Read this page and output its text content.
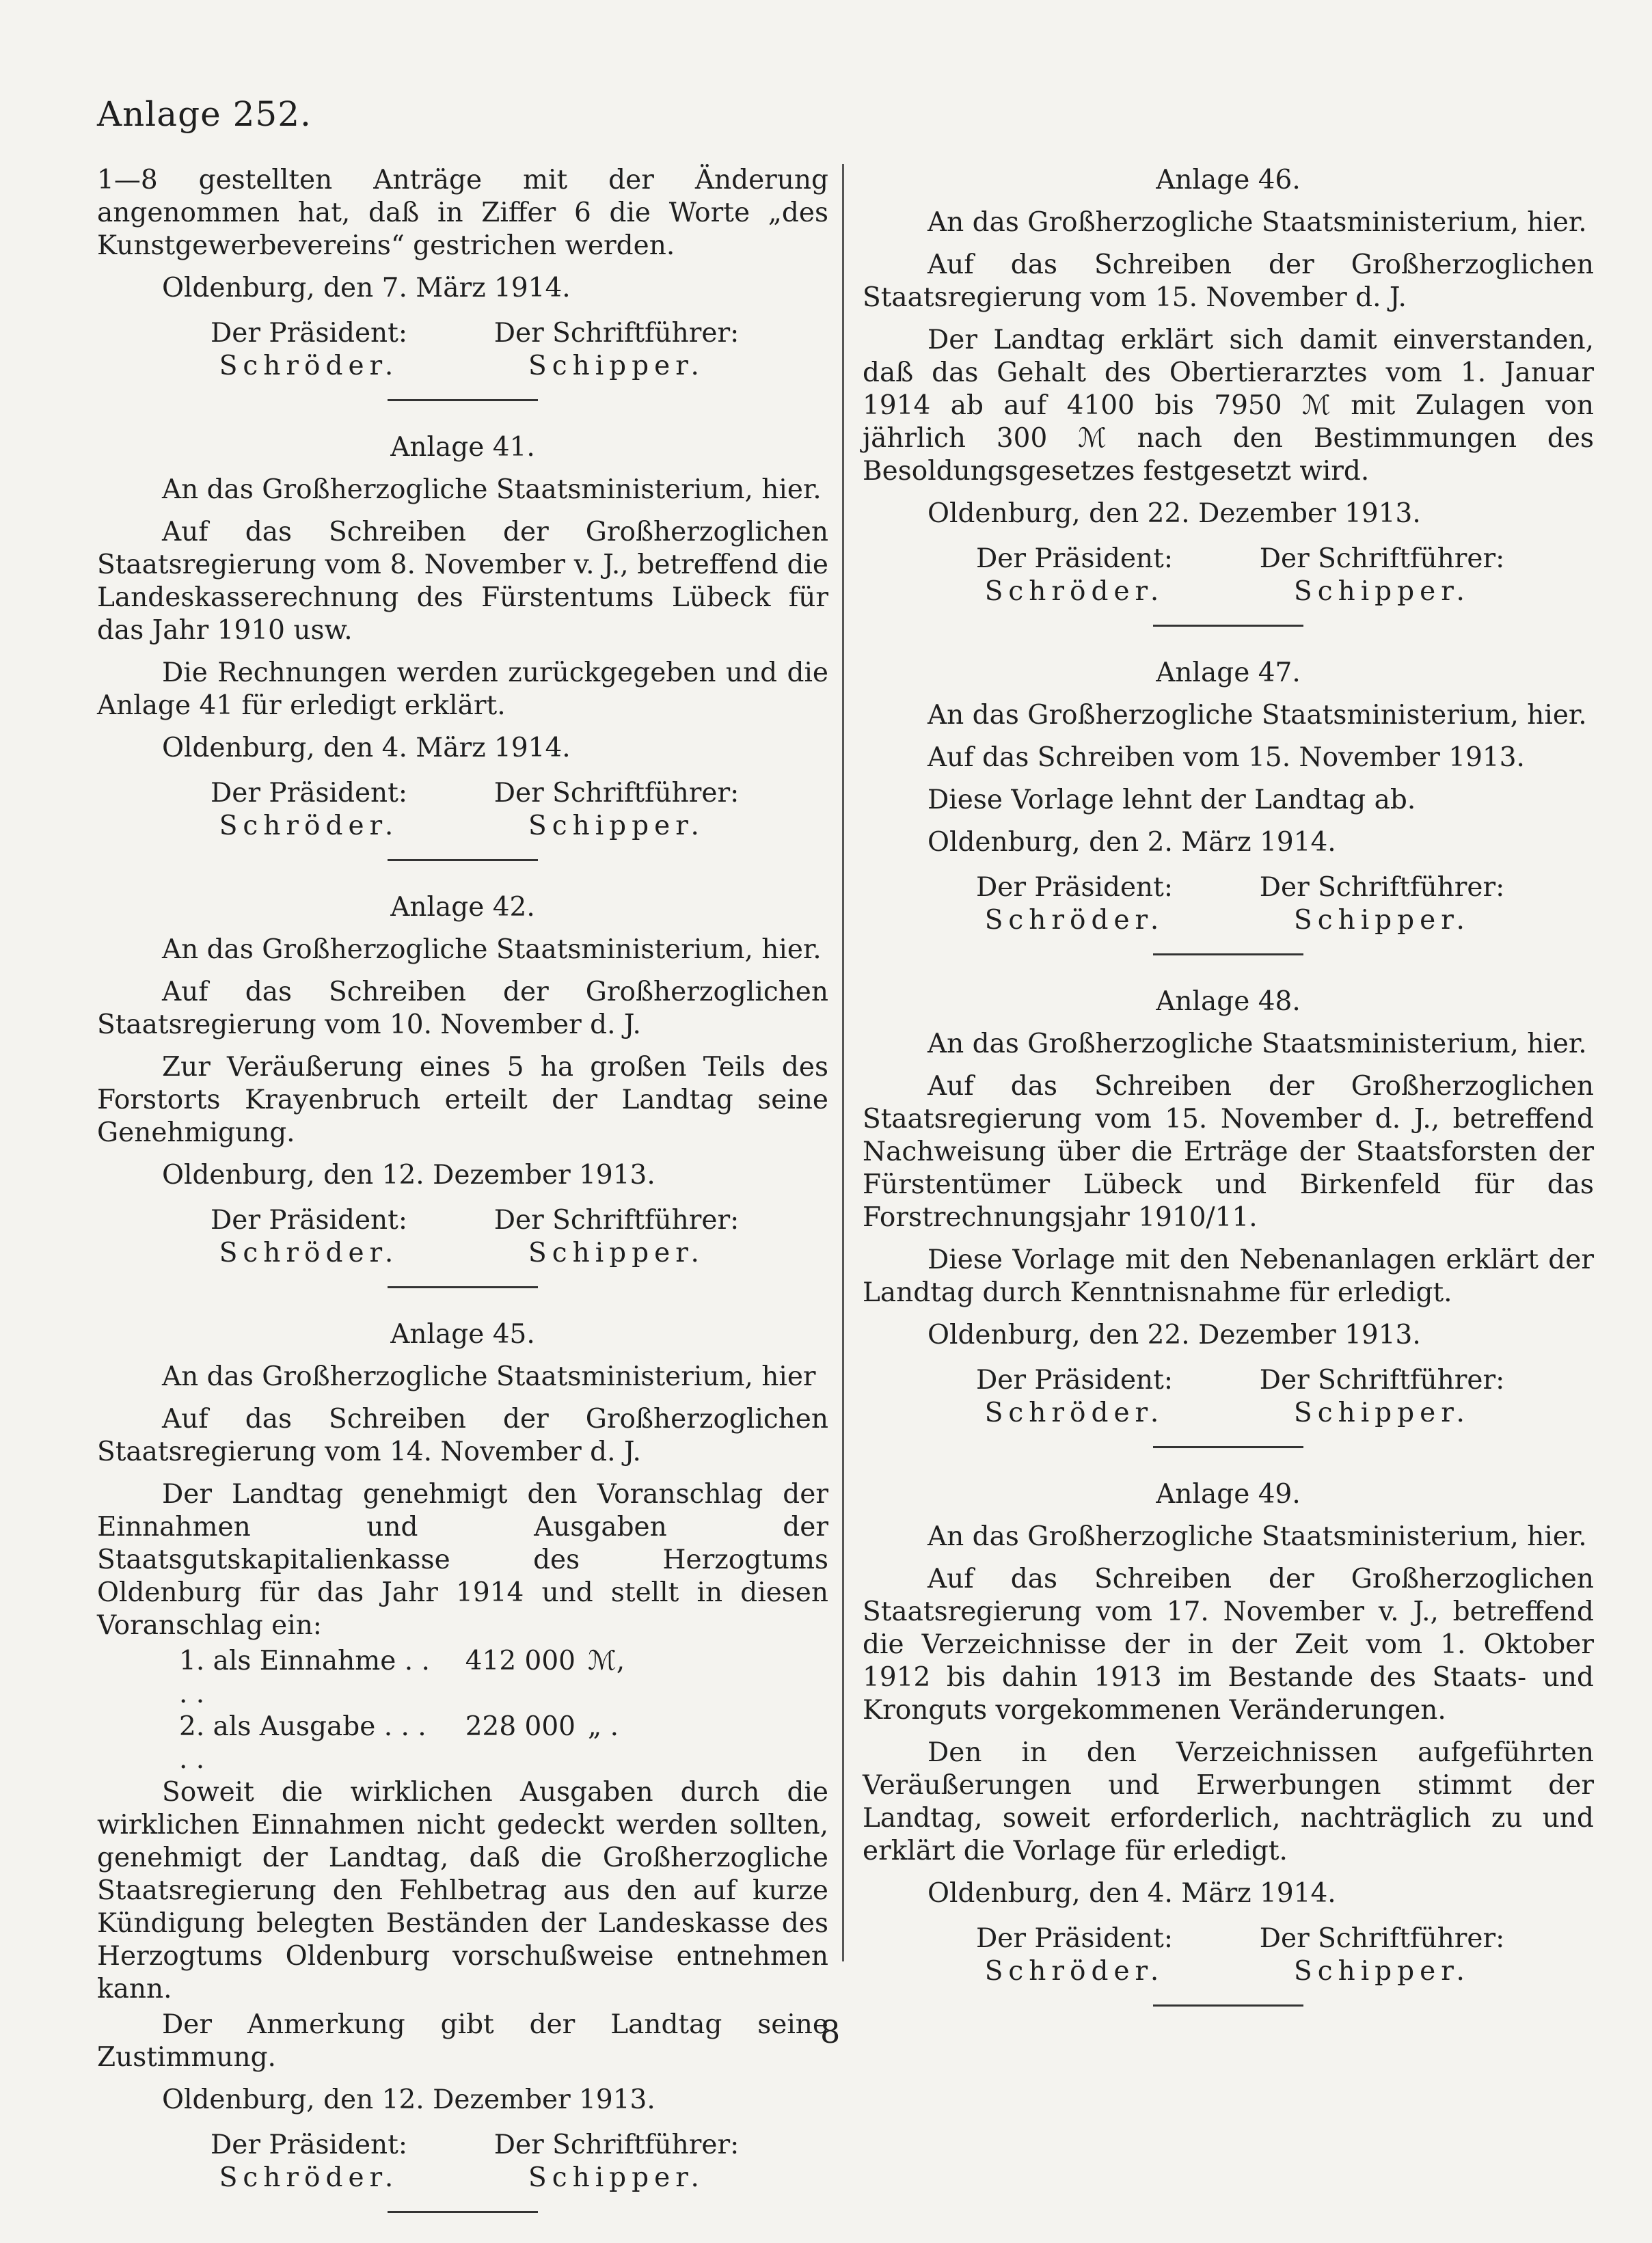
Anlage 252.

1—8 gestellten Anträge mit der Änderung angenommen hat, daß in Ziffer 6 die Worte „des Kunstgewerbevereins“ gestrichen werden.

Oldenburg, den 7. März 1914.

Der Präsident:	Der Schriftführer:
Schröder.	Schipper.

Anlage 41.

An das Großherzogliche Staatsministerium, hier.

Auf das Schreiben der Großherzoglichen Staatsregierung vom 8. November v. J., betreffend die Landeskasserechnung des Fürstentums Lübeck für das Jahr 1910 usw.

Die Rechnungen werden zurückgegeben und die Anlage 41 für erledigt erklärt.

Oldenburg, den 4. März 1914.

Der Präsident:	Der Schriftführer:
Schröder.	Schipper.

Anlage 42.

An das Großherzogliche Staatsministerium, hier.

Auf das Schreiben der Großherzoglichen Staatsregierung vom 10. November d. J.

Zur Veräußerung eines 5 ha großen Teils des Forstorts Krayenbruch erteilt der Landtag seine Genehmigung.

Oldenburg, den 12. Dezember 1913.

Der Präsident:	Der Schriftführer:
Schröder.	Schipper.

Anlage 45.

An das Großherzogliche Staatsministerium, hier

Auf das Schreiben der Großherzoglichen Staatsregierung vom 14. November d. J.

Der Landtag genehmigt den Voranschlag der Einnahmen und Ausgaben der Staatsgutskapitalienkasse des Herzogtums Oldenburg für das Jahr 1914 und stellt in diesen Voranschlag ein:

1. als Einnahme . . . .
412 000 ℳ,
2. als Ausgabe . . . . .
228 000 „ .

Soweit die wirklichen Ausgaben durch die wirklichen Einnahmen nicht gedeckt werden sollten, genehmigt der Landtag, daß die Großherzogliche Staatsregierung den Fehlbetrag aus den auf kurze Kündigung belegten Beständen der Landeskasse des Herzogtums Oldenburg vorschußweise entnehmen kann.

Der Anmerkung gibt der Landtag seine Zustimmung.

Oldenburg, den 12. Dezember 1913.

Der Präsident:	Der Schriftführer:
Schröder.	Schipper.

Anlage 46.

An das Großherzogliche Staatsministerium, hier.

Auf das Schreiben der Großherzoglichen Staatsregierung vom 15. November d. J.

Der Landtag erklärt sich damit einverstanden, daß das Gehalt des Obertierarztes vom 1. Januar 1914 ab auf 4100 bis 7950 ℳ mit Zulagen von jährlich 300 ℳ nach den Bestimmungen des Besoldungsgesetzes festgesetzt wird.

Oldenburg, den 22. Dezember 1913.

Der Präsident:	Der Schriftführer:
Schröder.	Schipper.

Anlage 47.

An das Großherzogliche Staatsministerium, hier.

Auf das Schreiben vom 15. November 1913.

Diese Vorlage lehnt der Landtag ab.

Oldenburg, den 2. März 1914.

Der Präsident:	Der Schriftführer:
Schröder.	Schipper.

Anlage 48.

An das Großherzogliche Staatsministerium, hier.

Auf das Schreiben der Großherzoglichen Staatsregierung vom 15. November d. J., betreffend Nachweisung über die Erträge der Staatsforsten der Fürstentümer Lübeck und Birkenfeld für das Forstrechnungsjahr 1910/11.

Diese Vorlage mit den Nebenanlagen erklärt der Landtag durch Kenntnisnahme für erledigt.

Oldenburg, den 22. Dezember 1913.

Der Präsident:	Der Schriftführer:
Schröder.	Schipper.

Anlage 49.

An das Großherzogliche Staatsministerium, hier.

Auf das Schreiben der Großherzoglichen Staatsregierung vom 17. November v. J., betreffend die Verzeichnisse der in der Zeit vom 1. Oktober 1912 bis dahin 1913 im Bestande des Staats- und Kronguts vorgekommenen Veränderungen.

Den in den Verzeichnissen aufgeführten Veräußerungen und Erwerbungen stimmt der Landtag, soweit erforderlich, nachträglich zu und erklärt die Vorlage für erledigt.

Oldenburg, den 4. März 1914.

Der Präsident:	Der Schriftführer:
Schröder.	Schipper.
8
